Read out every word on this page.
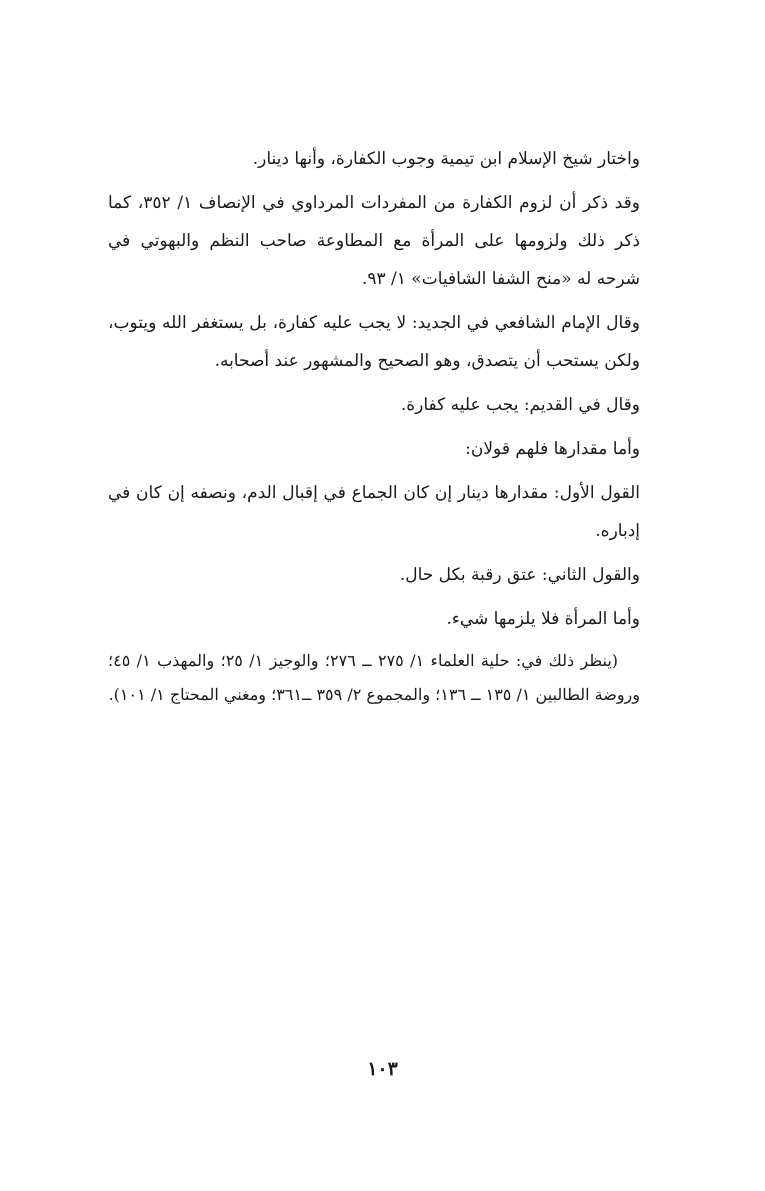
واختار شيخ الإسلام ابن تيمية وجوب الكفارة، وأنها دينار.

وقد ذكر أن لزوم الكفارة من المفردات المرداوي في الإنصاف ١/ ٣٥٢، كما ذكر ذلك ولزومها على المرأة مع المطاوعة صاحب النظم والبهوتي في شرحه له «منح الشفا الشافيات» ١/ ٩٣.

وقال الإمام الشافعي في الجديد: لا يجب عليه كفارة، بل يستغفر الله ويتوب، ولكن يستحب أن يتصدق، وهو الصحيح والمشهور عند أصحابه.

وقال في القديم: يجب عليه كفارة.

وأما مقدارها فلهم قولان:

القول الأول: مقدارها دينار إن كان الجماع في إقبال الدم، ونصفه إن كان في إدباره.

والقول الثاني: عتق رقبة بكل حال.

وأما المرأة فلا يلزمها شيء.

(ينظر ذلك في: حلية العلماء ١/ ٢٧٥ ــ ٢٧٦؛ والوجيز ١/ ٢٥؛ والمهذب ١/ ٤٥؛ وروضة الطالبين ١/ ١٣٥ ــ ١٣٦؛ والمجموع ٢/ ٣٥٩ ــ٣٦١؛ ومغني المحتاج ١/ ١٠١).

١٠٣
